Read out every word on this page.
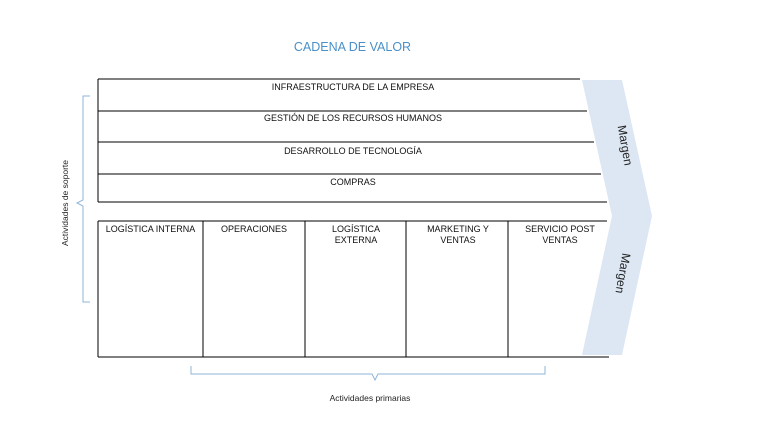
CADENA DE VALOR
INFRAESTRUCTURA DE LA EMPRESA
GESTIÓN DE LOS RECURSOS HUMANOS
DESARROLLO DE TECNOLOGÍA
COMPRAS
LOGÍSTICA INTERNA	OPERACIONES	LOGÍSTICA EXTERNA
MARKETING Y VENTAS
SERVICIO POST VENTAS
Margen
Margen
Actividades de soporte
Actividades primarias
